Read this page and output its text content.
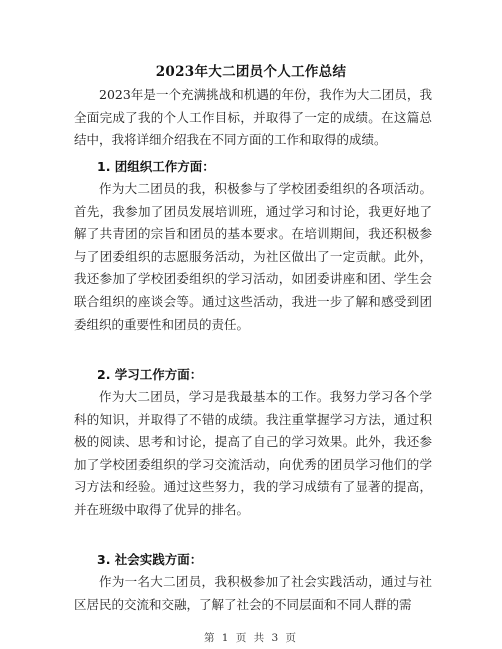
2023年大二团员个人工作总结

2023年是一个充满挑战和机遇的年份，我作为大二团员，我全面完成了我的个人工作目标，并取得了一定的成绩。在这篇总结中，我将详细介绍我在不同方面的工作和取得的成绩。

1. 团组织工作方面：

作为大二团员的我，积极参与了学校团委组织的各项活动。首先，我参加了团员发展培训班，通过学习和讨论，我更好地了解了共青团的宗旨和团员的基本要求。在培训期间，我还积极参与了团委组织的志愿服务活动，为社区做出了一定贡献。此外，我还参加了学校团委组织的学习活动，如团委讲座和团、学生会联合组织的座谈会等。通过这些活动，我进一步了解和感受到团委组织的重要性和团员的责任。

2. 学习工作方面：

作为大二团员，学习是我最基本的工作。我努力学习各个学科的知识，并取得了不错的成绩。我注重掌握学习方法，通过积极的阅读、思考和讨论，提高了自己的学习效果。此外，我还参加了学校团委组织的学习交流活动，向优秀的团员学习他们的学习方法和经验。通过这些努力，我的学习成绩有了显著的提高，并在班级中取得了优异的排名。

3. 社会实践方面：

作为一名大二团员，我积极参加了社会实践活动，通过与社区居民的交流和交融，了解了社会的不同层面和不同人群的需

第 1 页 共 3 页
